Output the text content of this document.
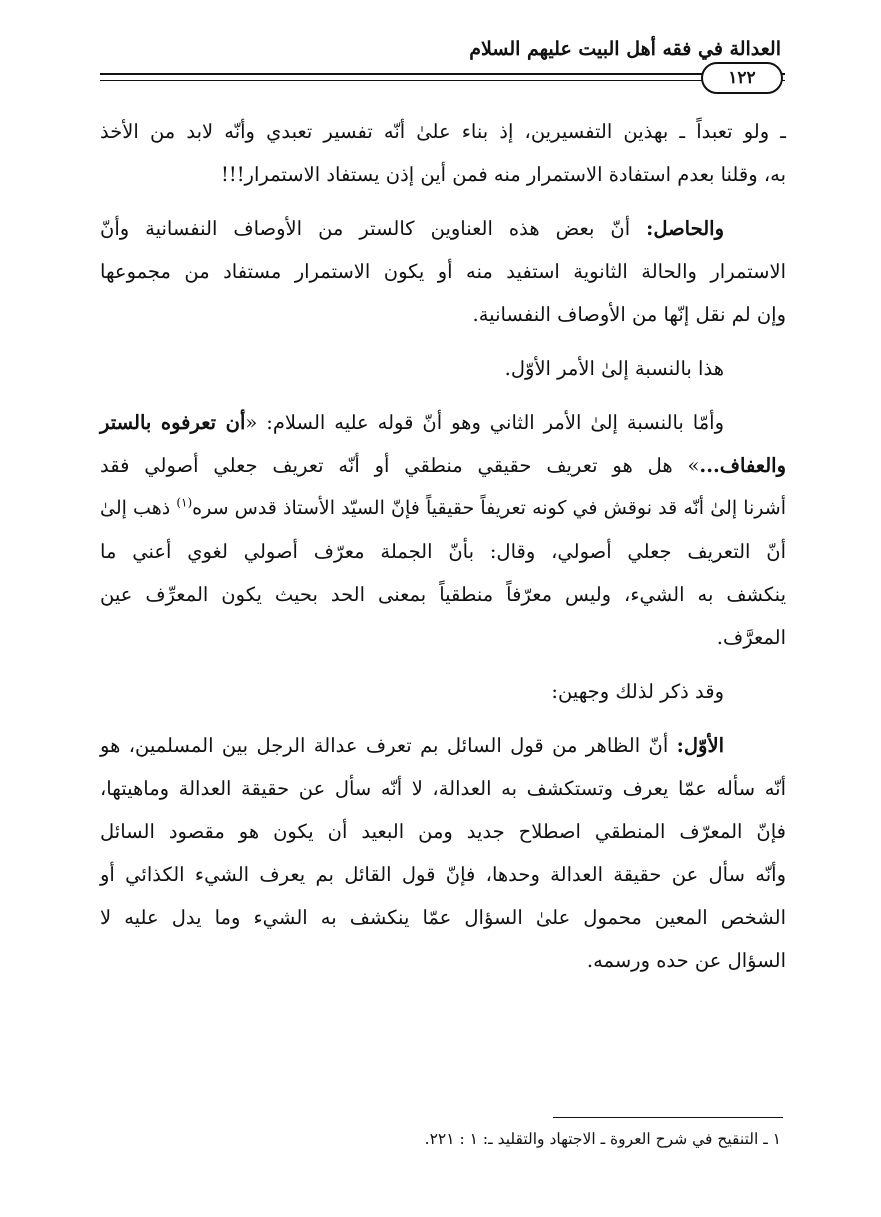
العدالة في فقه أهل البيت عليهم السلام
١٢٢
ـ ولو تعبداً ـ بهذين التفسيرين، إذ بناء علىٰ أنّه تفسير تعبدي وأنّه لابد من الأخذ
به، وقلنا بعدم استفادة الاستمرار منه فمن أين إذن يستفاد الاستمرار!!!
والحاصل: أنّ بعض هذه العناوين كالستر من الأوصاف النفسانية وأنّ
الاستمرار والحالة الثانوية استفيد منه أو يكون الاستمرار مستفاد من مجموعها
وإن لم نقل إنّها من الأوصاف النفسانية.
هذا بالنسبة إلىٰ الأمر الأوّل.
وأمّا بالنسبة إلىٰ الأمر الثاني وهو أنّ قوله عليه السلام: «أن تعرفوه بالستر
والعفاف...» هل هو تعريف حقيقي منطقي أو أنّه تعريف جعلي أصولي فقد
أشرنا إلىٰ أنّه قد نوقش في كونه تعريفاً حقيقياً فإنّ السيّد الأستاذ قدس سره$^{(١)}$ ذهب إلىٰ
أنّ التعريف جعلي أصولي، وقال: بأنّ الجملة معرّف أصولي لغوي أعني ما
ينكشف به الشيء، وليس معرّفاً منطقياً بمعنى الحد بحيث يكون المعرِّف عين
المعرَّف.
وقد ذكر لذلك وجهين:
الأوّل: أنّ الظاهر من قول السائل بم تعرف عدالة الرجل بين المسلمين، هو
أنّه سأله عمّا يعرف وتستكشف به العدالة، لا أنّه سأل عن حقيقة العدالة وماهيتها،
فإنّ المعرّف المنطقي اصطلاح جديد ومن البعيد أن يكون هو مقصود السائل
وأنّه سأل عن حقيقة العدالة وحدها، فإنّ قول القائل بم يعرف الشيء الكذائي أو
الشخص المعين محمول علىٰ السؤال عمّا ينكشف به الشيء وما يدل عليه لا
السؤال عن حده ورسمه.
١ ـ التنقيح في شرح العروة ـ الاجتهاد والتقليد ـ: ١ : ٢٢١.
